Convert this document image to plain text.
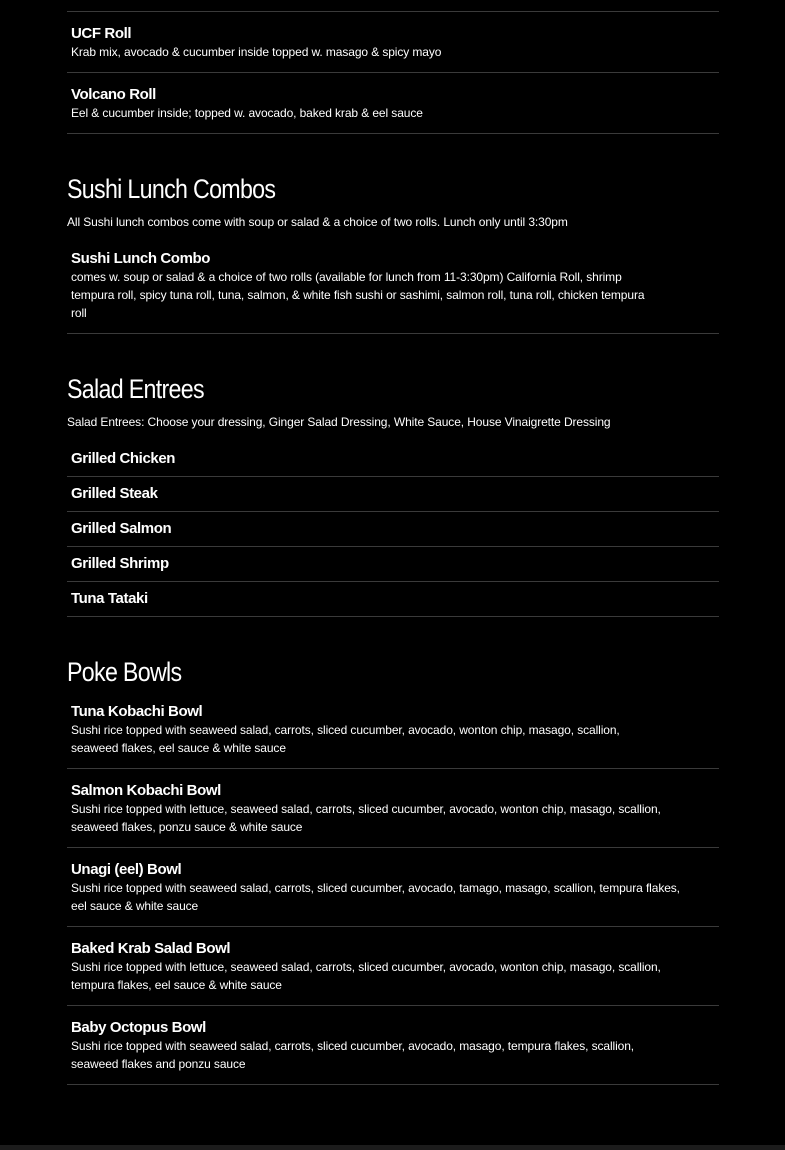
UCF Roll
Krab mix, avocado & cucumber inside topped w. masago & spicy mayo
Volcano Roll
Eel & cucumber inside; topped w. avocado, baked krab & eel sauce
Sushi Lunch Combos

All Sushi lunch combos come with soup or salad & a choice of two rolls. Lunch only until 3:30pm

Sushi Lunch Combo
comes w. soup or salad & a choice of two rolls (available for lunch from 11-3:30pm) California Roll, shrimp tempura roll, spicy tuna roll, tuna, salmon, & white fish sushi or sashimi, salmon roll, tuna roll, chicken tempura roll
Salad Entrees

Salad Entrees: Choose your dressing, Ginger Salad Dressing, White Sauce, House Vinaigrette Dressing

Grilled Chicken
Grilled Steak
Grilled Salmon
Grilled Shrimp
Tuna Tataki
Poke Bowls
Tuna Kobachi Bowl
Sushi rice topped with seaweed salad, carrots, sliced cucumber, avocado, wonton chip, masago, scallion, seaweed flakes, eel sauce & white sauce
Salmon Kobachi Bowl
Sushi rice topped with lettuce, seaweed salad, carrots, sliced cucumber, avocado, wonton chip, masago, scallion, seaweed flakes, ponzu sauce & white sauce
Unagi (eel) Bowl
Sushi rice topped with seaweed salad, carrots, sliced cucumber, avocado, tamago, masago, scallion, tempura flakes, eel sauce & white sauce
Baked Krab Salad Bowl
Sushi rice topped with lettuce, seaweed salad, carrots, sliced cucumber, avocado, wonton chip, masago, scallion, tempura flakes, eel sauce & white sauce
Baby Octopus Bowl
Sushi rice topped with seaweed salad, carrots, sliced cucumber, avocado, masago, tempura flakes, scallion, seaweed flakes and ponzu sauce
